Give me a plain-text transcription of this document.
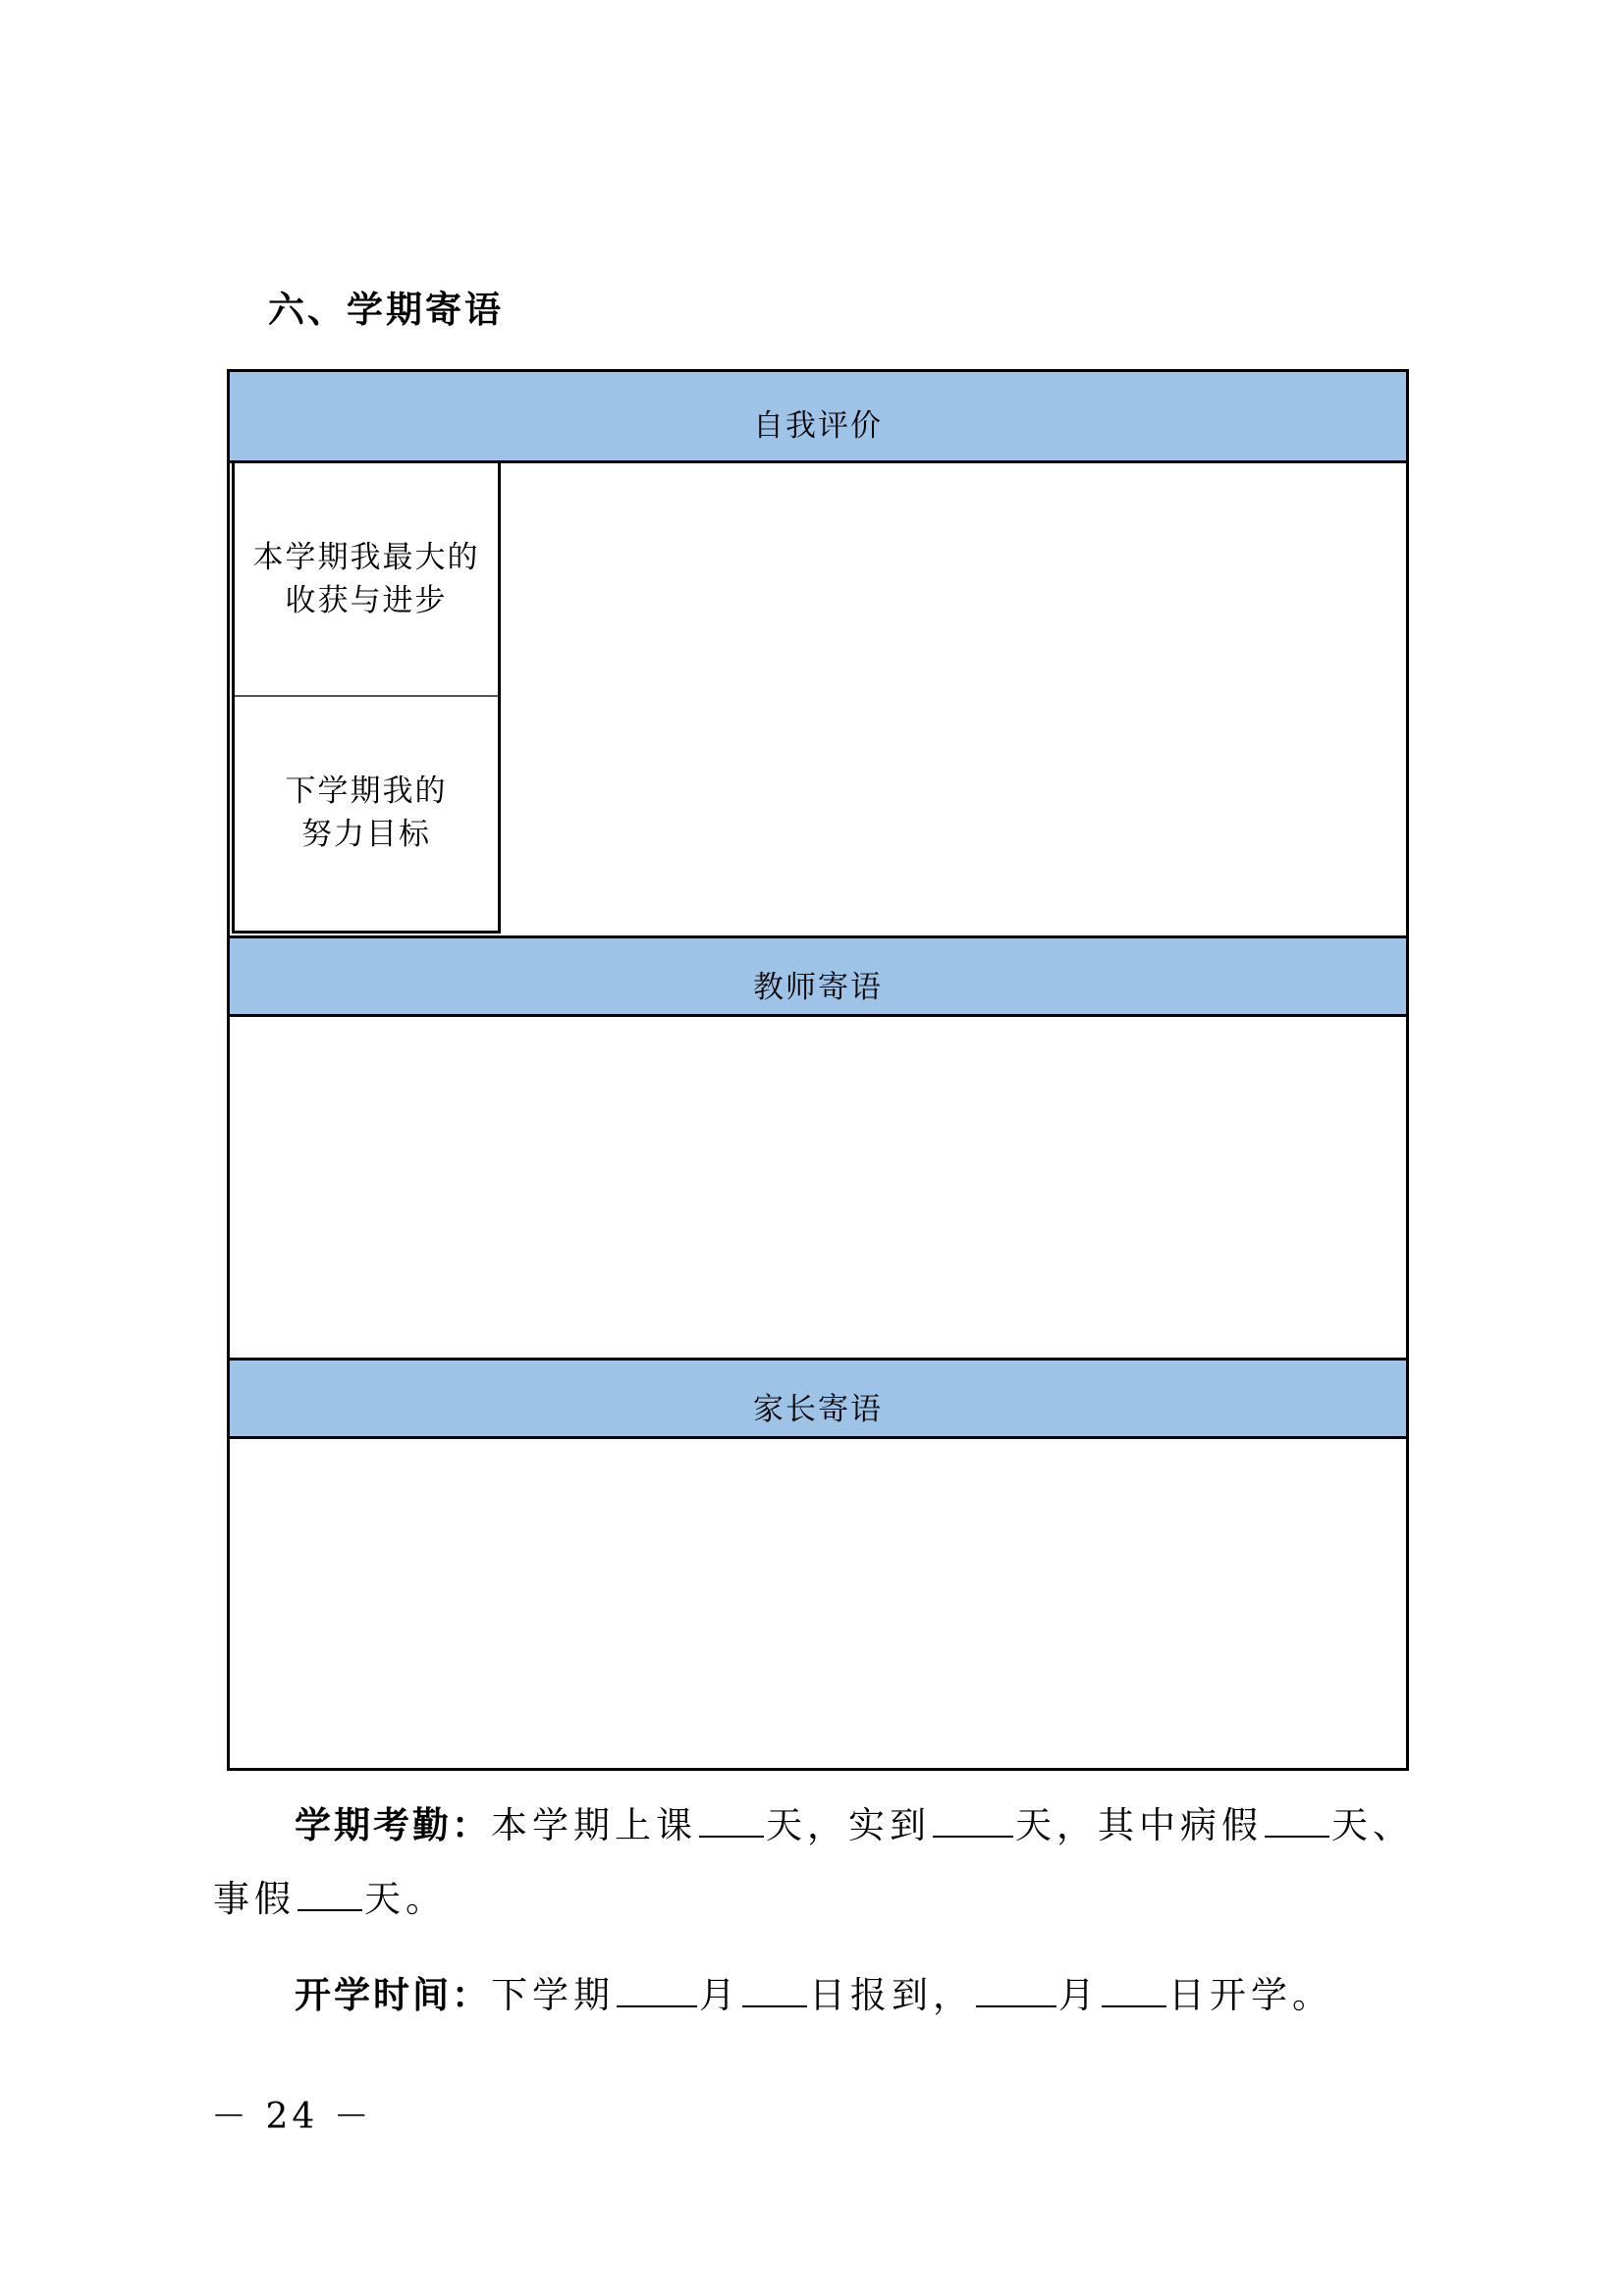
六、学期寄语
自我评价
本学期我最大的
收获与进步
下学期我的
努力目标
教师寄语
家长寄语
学期考勤：本学期上课 天，实到 天，其中病假 天、
事假 天。
开学时间：下学期 月 日报到， 月 日开学。
－ 24 －
